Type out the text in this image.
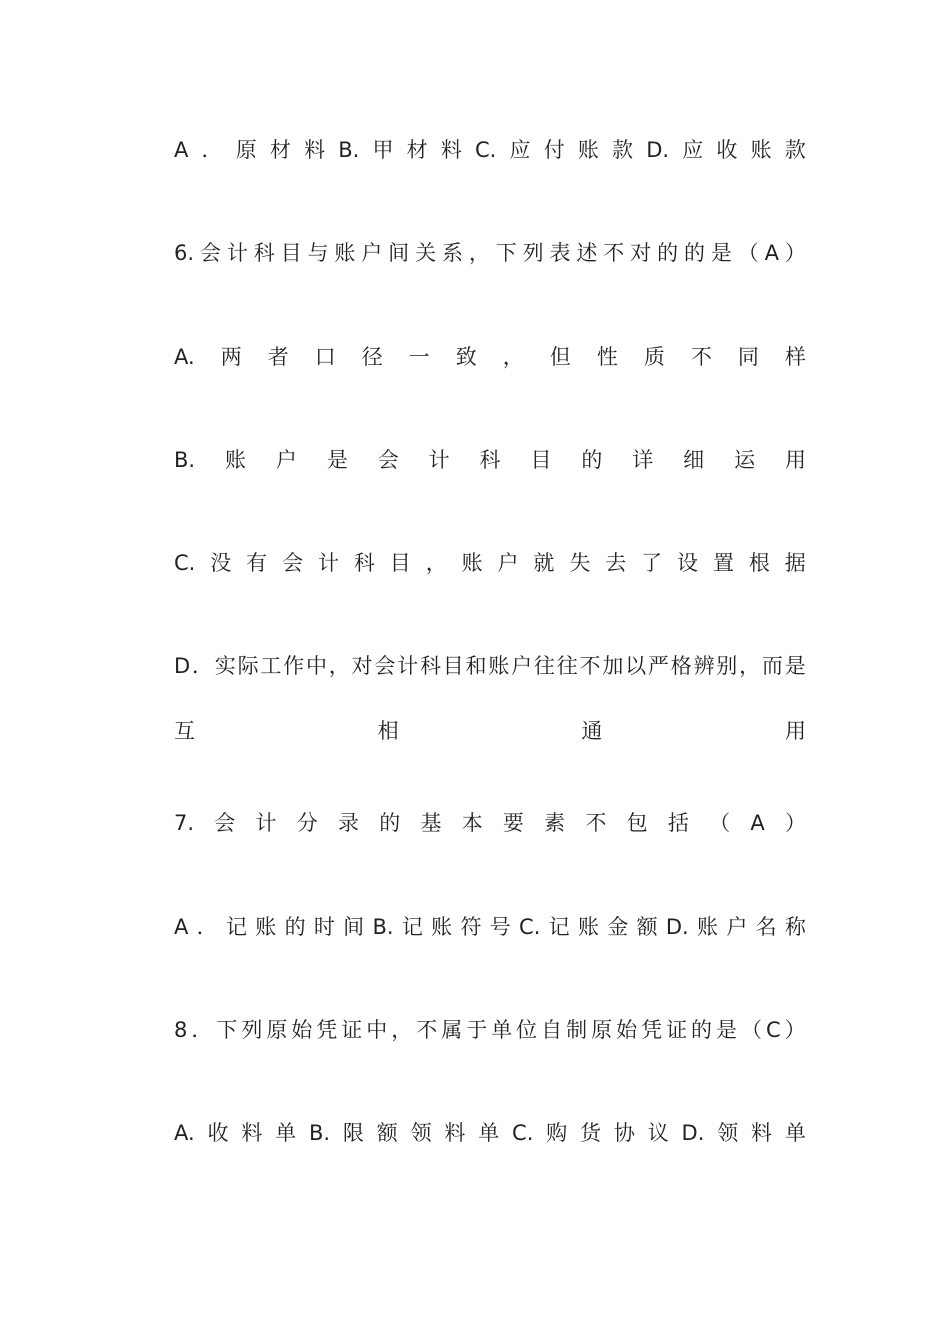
A ． 原 材 料 B. 甲 材 料 C. 应 付 账 款 D. 应 收 账 款
6. 会 计 科 目 与 账 户 间 关 系 ， 下 列 表 述 不 对 的 的 是 （ A ）
A. 两 者 口 径 一 致 ， 但 性 质 不 同 样
B. 账 户 是 会 计 科 目 的 详 细 运 用
C. 没 有 会 计 科 目 ， 账 户 就 失 去 了 设 置 根 据
D ． 实 际 工 作 中 ， 对 会 计 科 目 和 账 户 往 往 不 加 以 严 格 辨 别 ， 而 是
互	相	通	用
7. 会 计 分 录 的 基 本 要 素 不 包 括 （ A ）
A ． 记 账 的 时 间 B. 记 账 符 号 C. 记 账 金 额 D. 账 户 名 称
8 ． 下 列 原 始 凭 证 中 ， 不 属 于 单 位 自 制 原 始 凭 证 的 是 （ C ）
A. 收 料 单 B. 限 额 领 料 单 C. 购 货 协 议 D. 领 料 单
